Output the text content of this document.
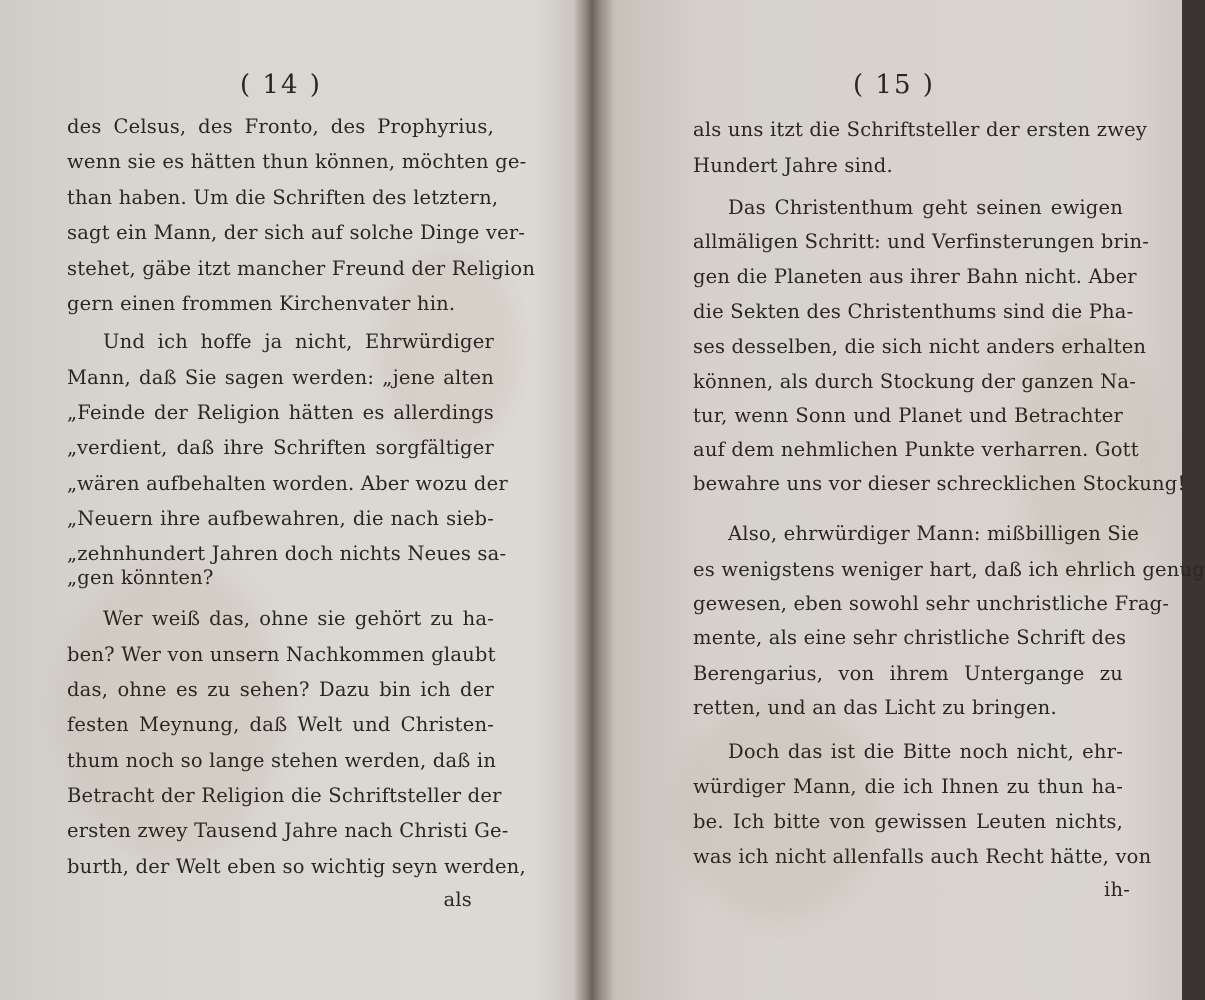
( 14 )
des Celsus, des Fronto, des Prophyrius,
wenn sie es hätten thun können, möchten ge-
than haben. Um die Schriften des letztern,
sagt ein Mann, der sich auf solche Dinge ver-
stehet, gäbe itzt mancher Freund der Religion
gern einen frommen Kirchenvater hin.
Und ich hoffe ja nicht, Ehrwürdiger
Mann, daß Sie sagen werden: „jene alten
„Feinde der Religion hätten es allerdings
„verdient, daß ihre Schriften sorgfältiger
„wären aufbehalten worden. Aber wozu der
„Neuern ihre aufbewahren, die nach sieb-
„zehnhundert Jahren doch nichts Neues sa-
„gen könnten?
Wer weiß das, ohne sie gehört zu ha-
ben? Wer von unsern Nachkommen glaubt
das, ohne es zu sehen? Dazu bin ich der
festen Meynung, daß Welt und Christen-
thum noch so lange stehen werden, daß in
Betracht der Religion die Schriftsteller der
ersten zwey Tausend Jahre nach Christi Ge-
burth, der Welt eben so wichtig seyn werden,
als
( 15 )
als uns itzt die Schriftsteller der ersten zwey
Hundert Jahre sind.
Das Christenthum geht seinen ewigen
allmäligen Schritt: und Verfinsterungen brin-
gen die Planeten aus ihrer Bahn nicht. Aber
die Sekten des Christenthums sind die Pha-
ses desselben, die sich nicht anders erhalten
können, als durch Stockung der ganzen Na-
tur, wenn Sonn und Planet und Betrachter
auf dem nehmlichen Punkte verharren. Gott
bewahre uns vor dieser schrecklichen Stockung!
Also, ehrwürdiger Mann: mißbilligen Sie
es wenigstens weniger hart, daß ich ehrlich genug
gewesen, eben sowohl sehr unchristliche Frag-
mente, als eine sehr christliche Schrift des
Berengarius, von ihrem Untergange zu
retten, und an das Licht zu bringen.
Doch das ist die Bitte noch nicht, ehr-
würdiger Mann, die ich Ihnen zu thun ha-
be. Ich bitte von gewissen Leuten nichts,
was ich nicht allenfalls auch Recht hätte, von
ih-
